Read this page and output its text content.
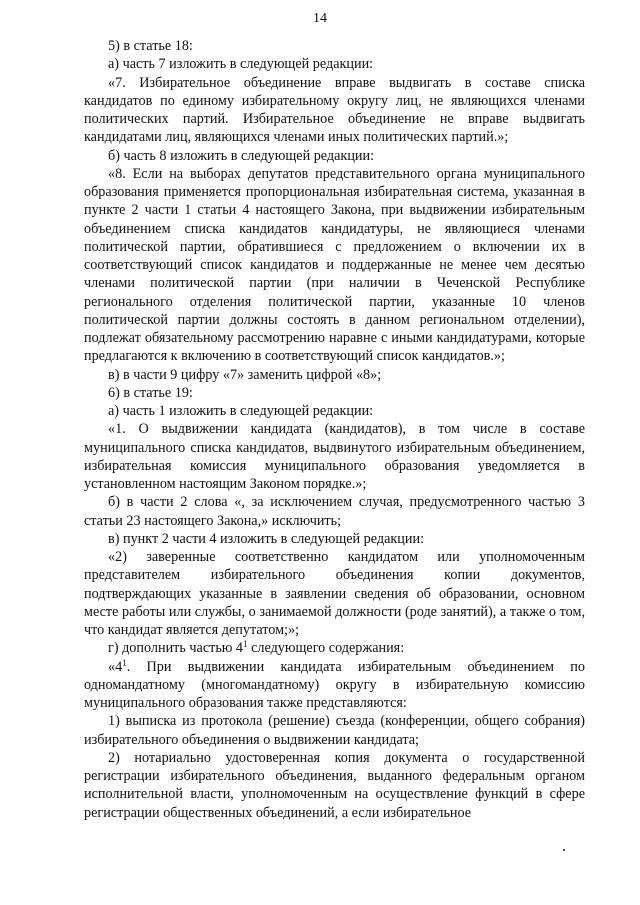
14

5) в статье 18:

а) часть 7 изложить в следующей редакции:

«7. Избирательное объединение вправе выдвигать в составе списка кандидатов по единому избирательному округу лиц, не являющихся членами политических партий. Избирательное объединение не вправе выдвигать кандидатами лиц, являющихся членами иных политических партий.»;

б) часть 8 изложить в следующей редакции:

«8. Если на выборах депутатов представительного органа муниципального образования применяется пропорциональная избирательная система, указанная в пункте 2 части 1 статьи 4 настоящего Закона, при выдвижении избирательным объединением списка кандидатов кандидатуры, не являющиеся членами политической партии, обратившиеся с предложением о включении их в соответствующий список кандидатов и поддержанные не менее чем десятью членами политической партии (при наличии в Чеченской Республике регионального отделения политической партии, указанные 10 членов политической партии должны состоять в данном региональном отделении), подлежат обязательному рассмотрению наравне с иными кандидатурами, которые предлагаются к включению в соответствующий список кандидатов.»;

в) в части 9 цифру «7» заменить цифрой «8»;

6) в статье 19:

а) часть 1 изложить в следующей редакции:

«1. О выдвижении кандидата (кандидатов), в том числе в составе муниципального списка кандидатов, выдвинутого избирательным объединением, избирательная комиссия муниципального образования уведомляется в установленном настоящим Законом порядке.»;

б) в части 2 слова «, за исключением случая, предусмотренного частью 3 статьи 23 настоящего Закона,» исключить;

в) пункт 2 части 4 изложить в следующей редакции:

«2) заверенные соответственно кандидатом или уполномоченным представителем избирательного объединения копии документов, подтверждающих указанные в заявлении сведения об образовании, основном месте работы или службы, о занимаемой должности (роде занятий), а также о том, что кандидат является депутатом;»;

г) дополнить частью $4^1$ следующего содержания:

«$4^1$. При выдвижении кандидата избирательным объединением по одномандатному (многомандатному) округу в избирательную комиссию муниципального образования также представляются:

1) выписка из протокола (решение) съезда (конференции, общего собрания) избирательного объединения о выдвижении кандидата;

2) нотариально удостоверенная копия документа о государственной регистрации избирательного объединения, выданного федеральным органом исполнительной власти, уполномоченным на осуществление функций в сфере регистрации общественных объединений, а если избирательное
